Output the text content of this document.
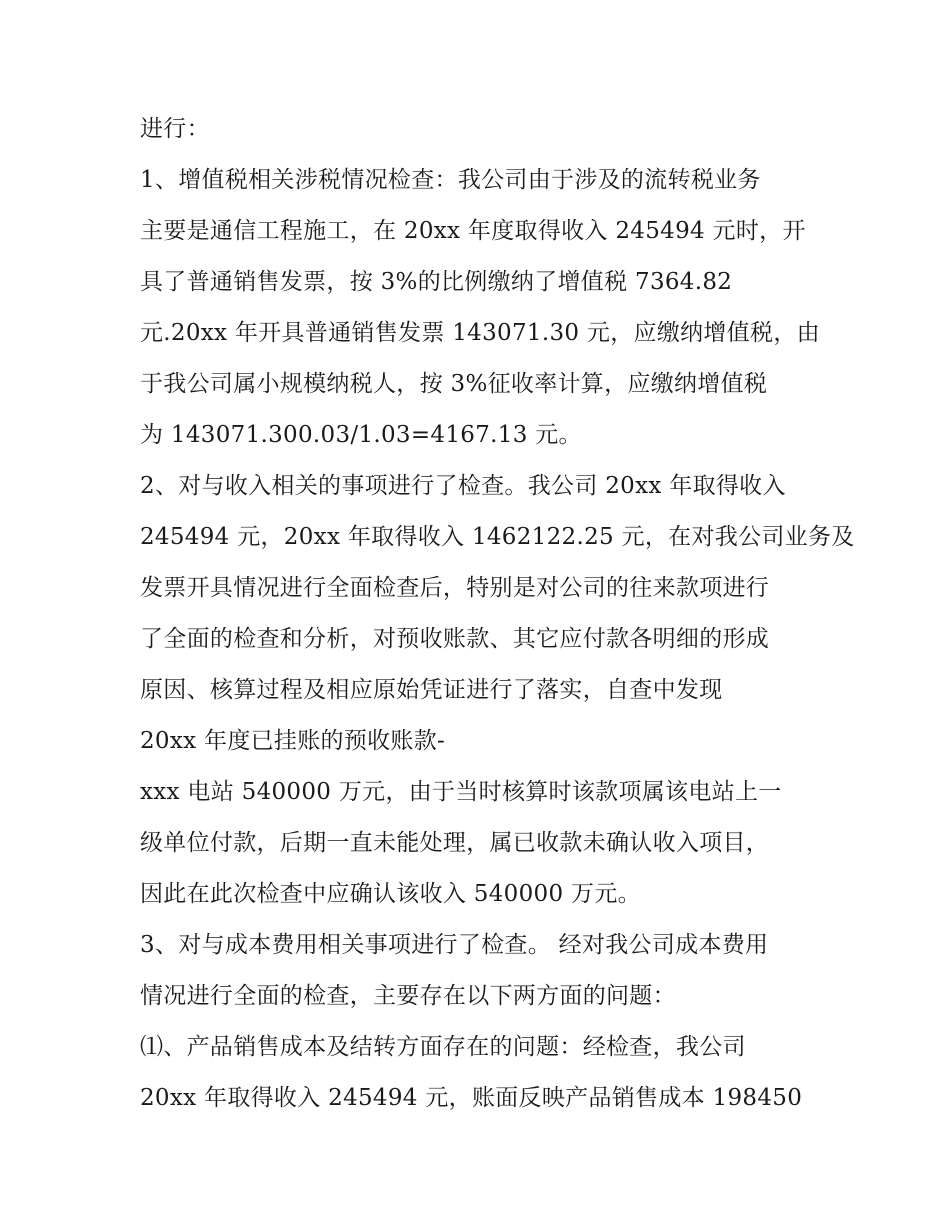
进行：
1、增值税相关涉税情况检查：我公司由于涉及的流转税业务
主要是通信工程施工，在 20xx 年度取得收入 245494 元时，开
具了普通销售发票，按 3%的比例缴纳了增值税 7364.82
元.20xx 年开具普通销售发票 143071.30 元，应缴纳增值税，由
于我公司属小规模纳税人，按 3%征收率计算，应缴纳增值税
为 143071.300.03/1.03=4167.13 元。
2、对与收入相关的事项进行了检查。我公司 20xx 年取得收入
245494 元，20xx 年取得收入 1462122.25 元，在对我公司业务及
发票开具情况进行全面检查后，特别是对公司的往来款项进行
了全面的检查和分析，对预收账款、其它应付款各明细的形成
原因、核算过程及相应原始凭证进行了落实，自查中发现
20xx 年度已挂账的预收账款-
xxx 电站 540000 万元，由于当时核算时该款项属该电站上一
级单位付款，后期一直未能处理，属已收款未确认收入项目，
因此在此次检查中应确认该收入 540000 万元。
3、对与成本费用相关事项进行了检查。 经对我公司成本费用
情况进行全面的检查，主要存在以下两方面的问题：
⑴、产品销售成本及结转方面存在的问题：经检查，我公司
20xx 年取得收入 245494 元，账面反映产品销售成本 198450
